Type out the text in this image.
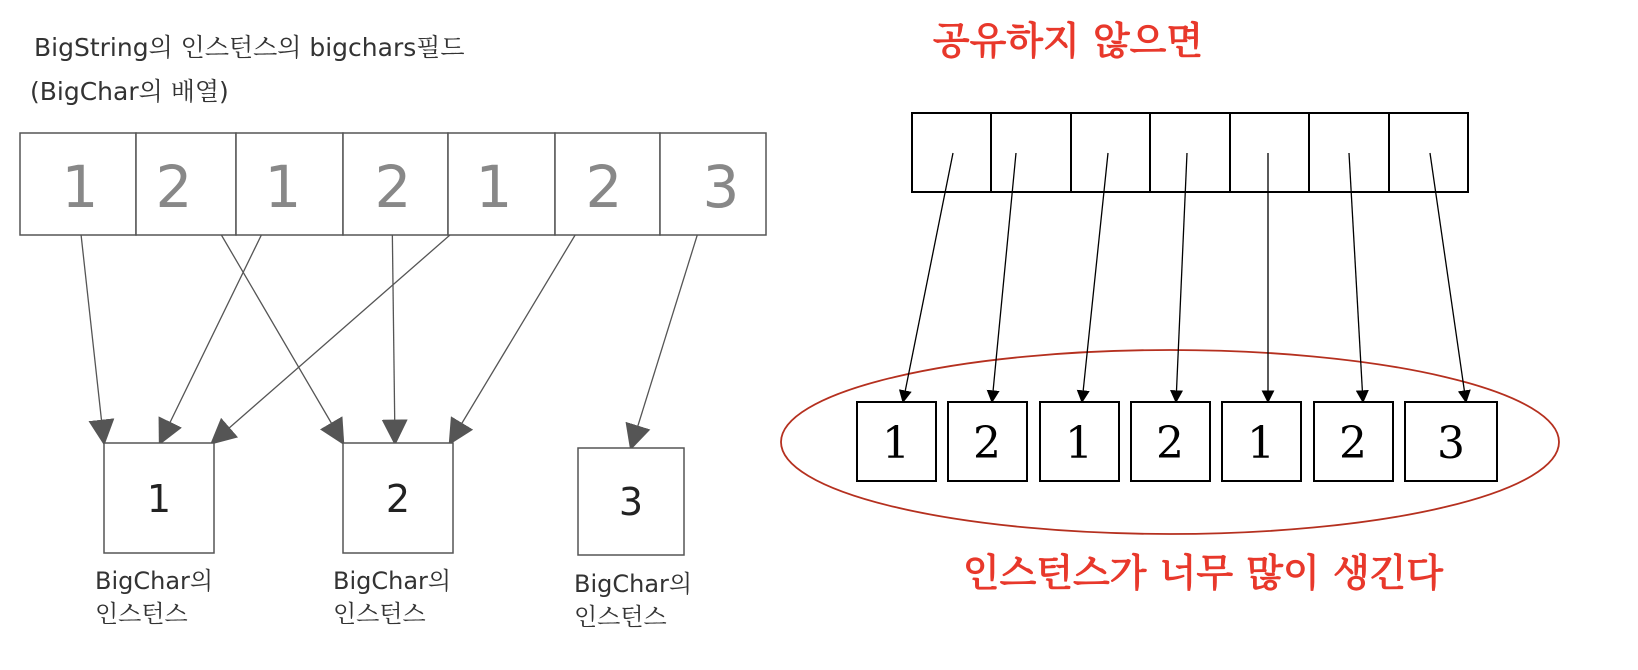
BigString의 인스턴스의 bigchars필드
(BigChar의 배열)
1 2 1 2 1 2 3
1
BigChar의
인스턴스
2
BigChar의
인스턴스
3
BigChar의
인스턴스
공유하지 않으면
1 2 1 2 1 2 3
인스턴스가 너무 많이 생긴다
